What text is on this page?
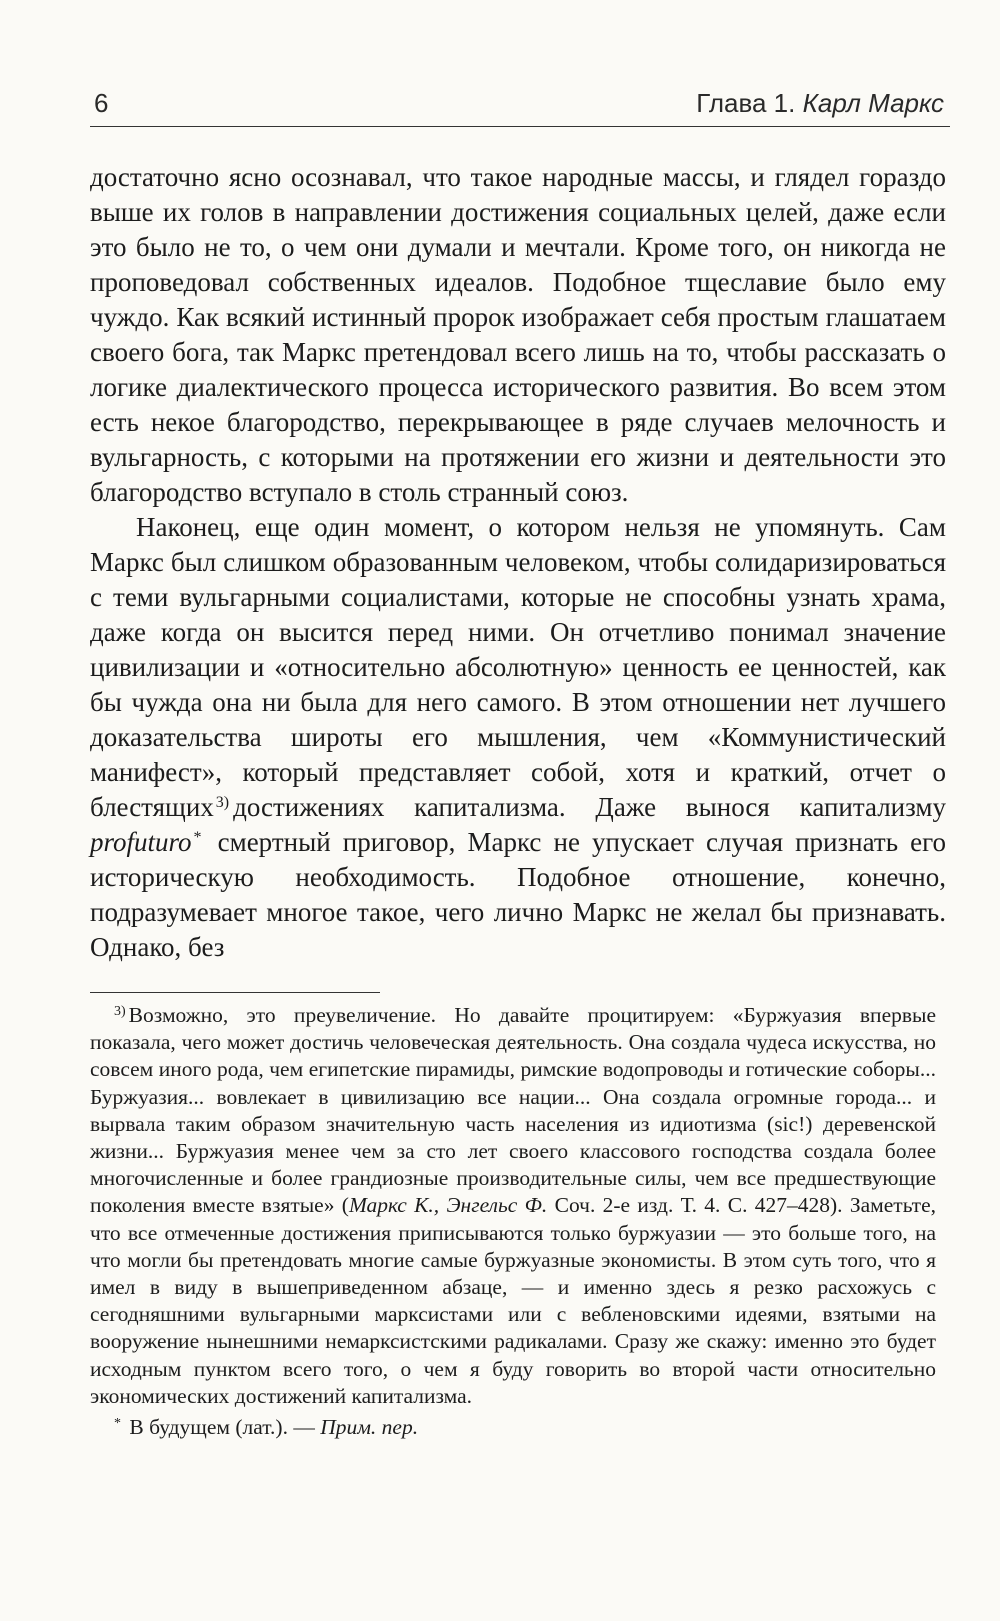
6	Глава 1. Карл Маркс

достаточно ясно осознавал, что такое народные массы, и глядел гораздо выше их голов в направлении достижения социальных целей, даже если это было не то, о чем они думали и мечтали. Кроме того, он никогда не проповедовал собственных идеалов. Подобное тщеславие было ему чуждо. Как всякий истинный пророк изображает себя простым глашатаем своего бога, так Маркс претендовал всего лишь на то, чтобы рассказать о логике диалектического процесса исторического развития. Во всем этом есть некое благородство, перекрывающее в ряде случаев мелочность и вульгарность, с которыми на протяжении его жизни и деятельности это благородство вступало в столь странный союз.

Наконец, еще один момент, о котором нельзя не упомянуть. Сам Маркс был слишком образованным человеком, чтобы солидаризироваться с теми вульгарными социалистами, которые не способны узнать храма, даже когда он высится перед ними. Он отчетливо понимал значение цивилизации и «относительно абсолютную» ценность ее ценностей, как бы чужда она ни была для него самого. В этом отношении нет лучшего доказательства широты его мышления, чем «Коммунистический манифест», который представляет собой, хотя и краткий, отчет о блестящих $^{3)}$ достижениях капитализма. Даже вынося капитализму profuturo * смертный приговор, Маркс не упускает случая признать его историческую необходимость. Подобное отношение, конечно, подразумевает многое такое, чего лично Маркс не желал бы признавать. Однако, без

$^{3)}$ Возможно, это преувеличение. Но давайте процитируем: «Буржуазия впервые показала, чего может достичь человеческая деятельность. Она создала чудеса искусства, но совсем иного рода, чем египетские пирамиды, римские водопроводы и готические соборы... Буржуазия... вовлекает в цивилизацию все нации... Она создала огромные города... и вырвала таким образом значительную часть населения из идиотизма (sic!) деревенской жизни... Буржуазия менее чем за сто лет своего классового господства создала более многочисленные и более грандиозные производительные силы, чем все предшествующие поколения вместе взятые» (Маркс К., Энгельс Ф. Соч. 2-е изд. Т. 4. С. 427–428). Заметьте, что все отмеченные достижения приписываются только буржуазии — это больше того, на что могли бы претендовать многие самые буржуазные экономисты. В этом суть того, что я имел в виду в вышеприведенном абзаце, — и именно здесь я резко расхожусь с сегодняшними вульгарными марксистами или с вебленовскими идеями, взятыми на вооружение нынешними немарксистскими радикалами. Сразу же скажу: именно это будет исходным пунктом всего того, о чем я буду говорить во второй части относительно экономических достижений капитализма.

* В будущем (лат.). — Прим. пер.
